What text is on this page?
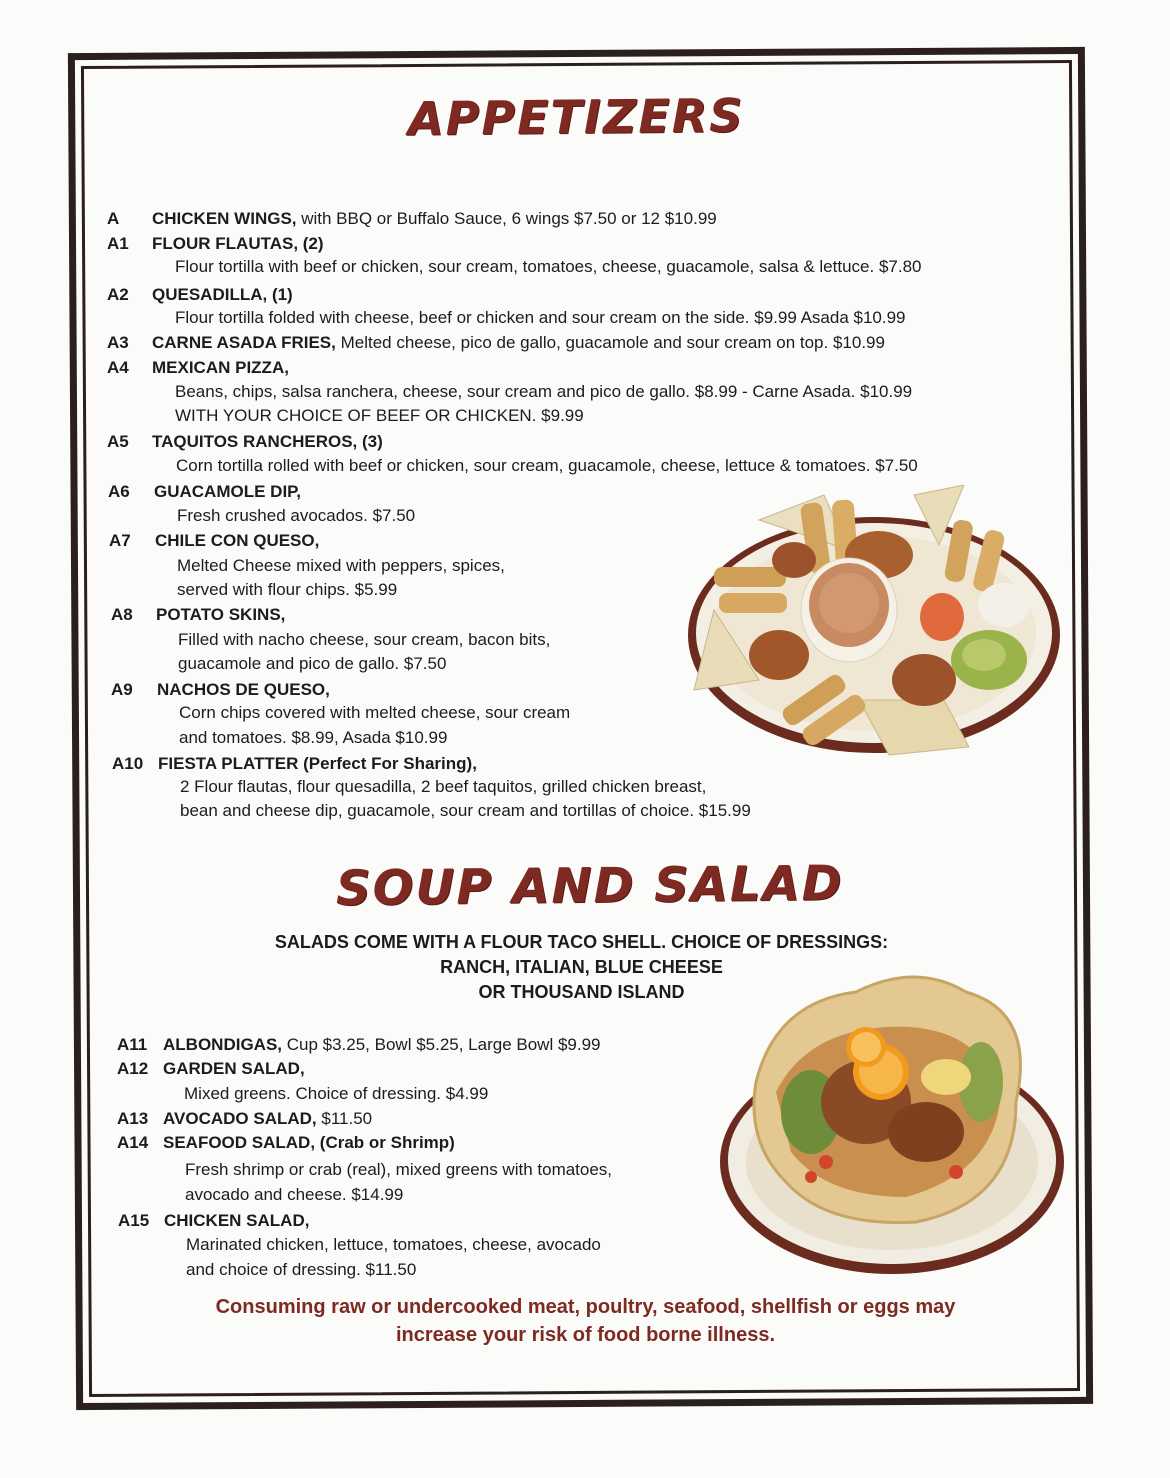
APPETIZERS
A CHICKEN WINGS, with BBQ or Buffalo Sauce, 6 wings $7.50 or 12 $10.99
A1 FLOUR FLAUTAS, (2)
Flour tortilla with beef or chicken, sour cream, tomatoes, cheese, guacamole, salsa & lettuce. $7.80
A2 QUESADILLA, (1)
Flour tortilla folded with cheese, beef or chicken and sour cream on the side. $9.99 Asada $10.99
A3 CARNE ASADA FRIES, Melted cheese, pico de gallo, guacamole and sour cream on top. $10.99
A4 MEXICAN PIZZA,
Beans, chips, salsa ranchera, cheese, sour cream and pico de gallo. $8.99 - Carne Asada. $10.99
WITH YOUR CHOICE OF BEEF OR CHICKEN. $9.99
A5 TAQUITOS RANCHEROS, (3)
Corn tortilla rolled with beef or chicken, sour cream, guacamole, cheese, lettuce & tomatoes. $7.50
A6 GUACAMOLE DIP,
Fresh crushed avocados. $7.50
A7 CHILE CON QUESO,
Melted Cheese mixed with peppers, spices,
served with flour chips. $5.99
A8 POTATO SKINS,
Filled with nacho cheese, sour cream, bacon bits,
guacamole and pico de gallo. $7.50
A9 NACHOS DE QUESO,
Corn chips covered with melted cheese, sour cream
and tomatoes. $8.99, Asada $10.99
A10 FIESTA PLATTER (Perfect For Sharing),
2 Flour flautas, flour quesadilla, 2 beef taquitos, grilled chicken breast,
bean and cheese dip, guacamole, sour cream and tortillas of choice. $15.99
SOUP AND SALAD
SALADS COME WITH A FLOUR TACO SHELL. CHOICE OF DRESSINGS:
RANCH, ITALIAN, BLUE CHEESE
OR THOUSAND ISLAND
A11 ALBONDIGAS, Cup $3.25, Bowl $5.25, Large Bowl $9.99
A12 GARDEN SALAD,
Mixed greens. Choice of dressing. $4.99
A13 AVOCADO SALAD, $11.50
A14 SEAFOOD SALAD, (Crab or Shrimp)
Fresh shrimp or crab (real), mixed greens with tomatoes,
avocado and cheese. $14.99
A15 CHICKEN SALAD,
Marinated chicken, lettuce, tomatoes, cheese, avocado
and choice of dressing. $11.50
Consuming raw or undercooked meat, poultry, seafood, shellfish or eggs may
increase your risk of food borne illness.
